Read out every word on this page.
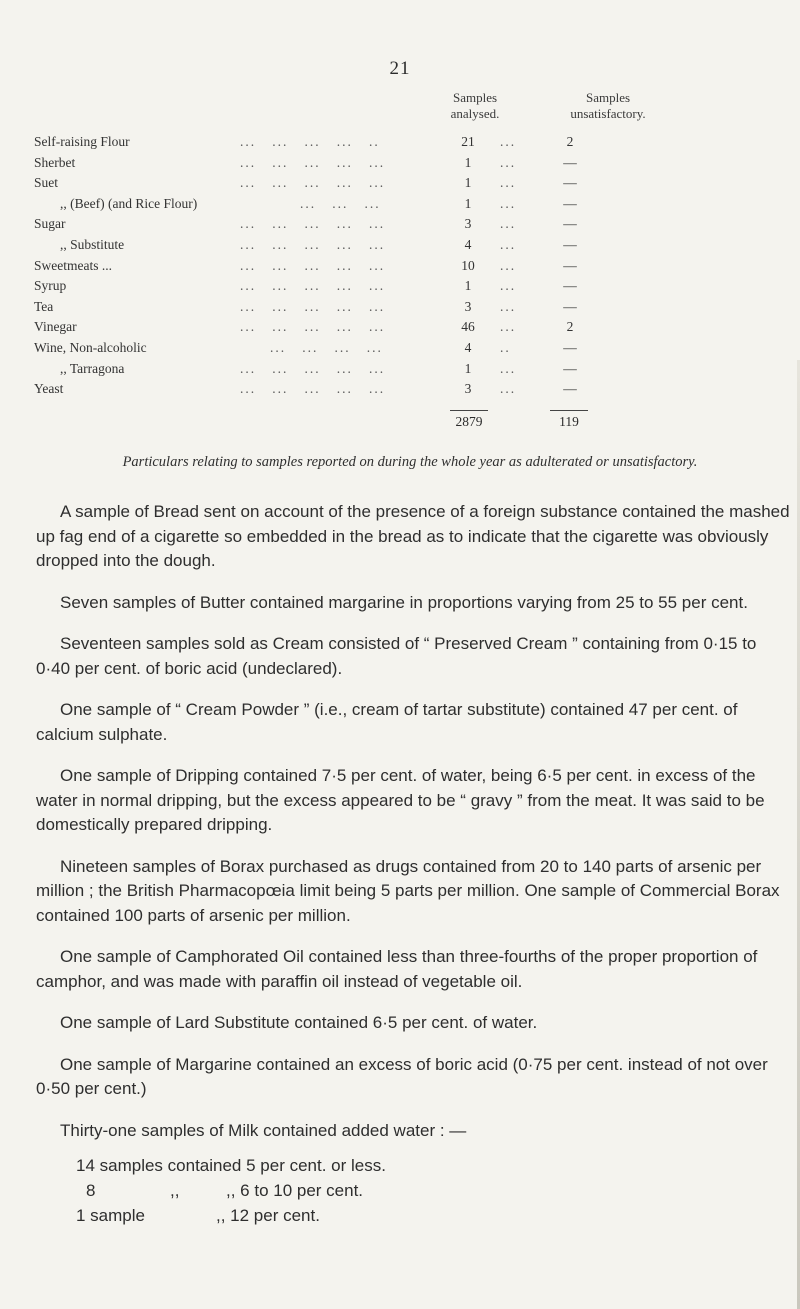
21
Samples analysed.
Samples unsatisfactory.
Self-raising Flour	...   ...   ...   ...   ..	21	...	2
Sherbet	...   ...   ...   ...   ...	1	...	—
Suet	...   ...   ...   ...   ...	1	...	—
,, (Beef) (and Rice Flour)	...   ...   ...	1	...	—
Sugar	...   ...   ...   ...   ...	3	...	—
,, Substitute	...   ...   ...   ...   ...	4	...	—
Sweetmeats ...	...   ...   ...   ...   ...	10	...	—
Syrup	...   ...   ...   ...   ...	1	...	—
Tea	...   ...   ...   ...   ...	3	...	—
Vinegar	...   ...   ...   ...   ...	46	...	2
Wine, Non-alcoholic	...   ...   ...   ...	4	..	—
,, Tarragona	...   ...   ...   ...   ...	1	...	—
Yeast	...   ...   ...   ...   ...	3	...	—
2879	119
Particulars relating to samples reported on during the whole year as adulterated or unsatisfactory.

A sample of Bread sent on account of the presence of a foreign substance contained the mashed up fag end of a cigarette so embedded in the bread as to indicate that the cigarette was obviously dropped into the dough.

Seven samples of Butter contained margarine in proportions varying from 25 to 55 per cent.

Seventeen samples sold as Cream consisted of “ Preserved Cream ” containing from 0·15 to 0·40 per cent. of boric acid (undeclared).

One sample of “ Cream Powder ” (i.e., cream of tartar substitute) contained 47 per cent. of calcium sulphate.

One sample of Dripping contained 7·5 per cent. of water, being 6·5 per cent. in excess of the water in normal dripping, but the excess appeared to be “ gravy ” from the meat. It was said to be domestically prepared dripping.

Nineteen samples of Borax purchased as drugs contained from 20 to 140 parts of arsenic per million ; the British Pharmacopœia limit being 5 parts per million. One sample of Commercial Borax contained 100 parts of arsenic per million.

One sample of Camphorated Oil contained less than three-fourths of the proper proportion of camphor, and was made with paraffin oil instead of vegetable oil.

One sample of Lard Substitute contained 6·5 per cent. of water.

One sample of Margarine contained an excess of boric acid (0·75 per cent. instead of not over 0·50 per cent.)

Thirty-one samples of Milk contained added water : —

14 samples contained 5 per cent. or less.
8	,,	,, 6 to 10 per cent.
1 sample	,, 12 per cent.
